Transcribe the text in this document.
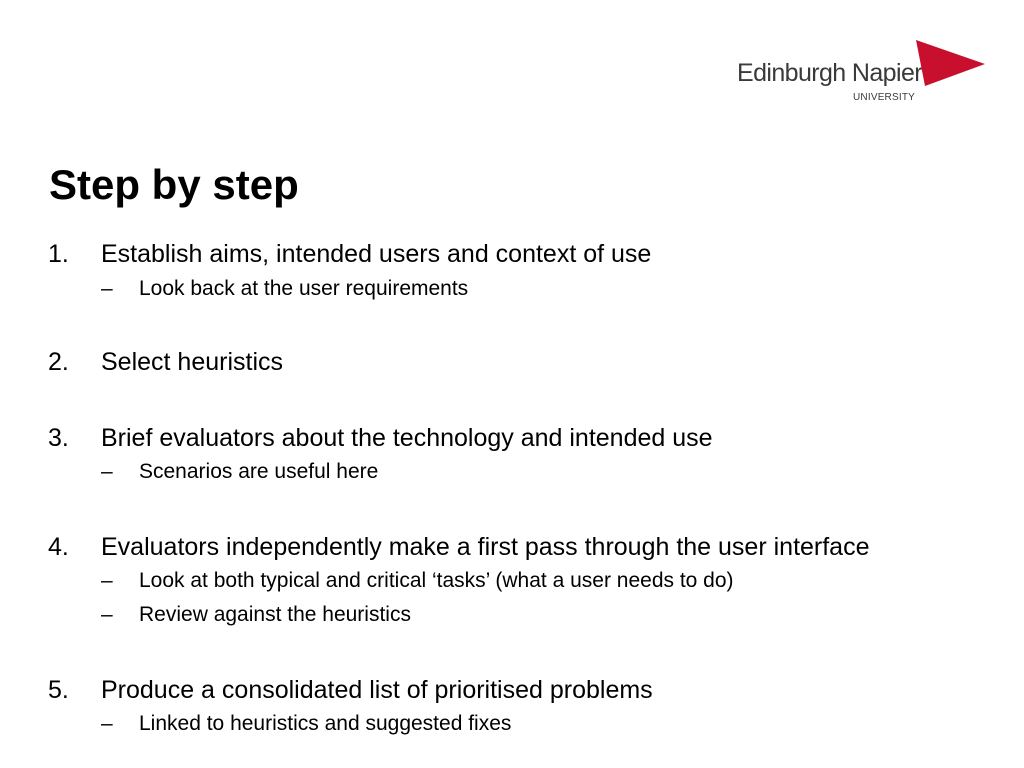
Edinburgh Napier
UNIVERSITY
Step by step
1. Establish aims, intended users and context of use
– Look back at the user requirements
2. Select heuristics
3. Brief evaluators about the technology and intended use
– Scenarios are useful here
4. Evaluators independently make a first pass through the user interface
– Look at both typical and critical ‘tasks’ (what a user needs to do)
– Review against the heuristics
5. Produce a consolidated list of prioritised problems
– Linked to heuristics and suggested fixes
